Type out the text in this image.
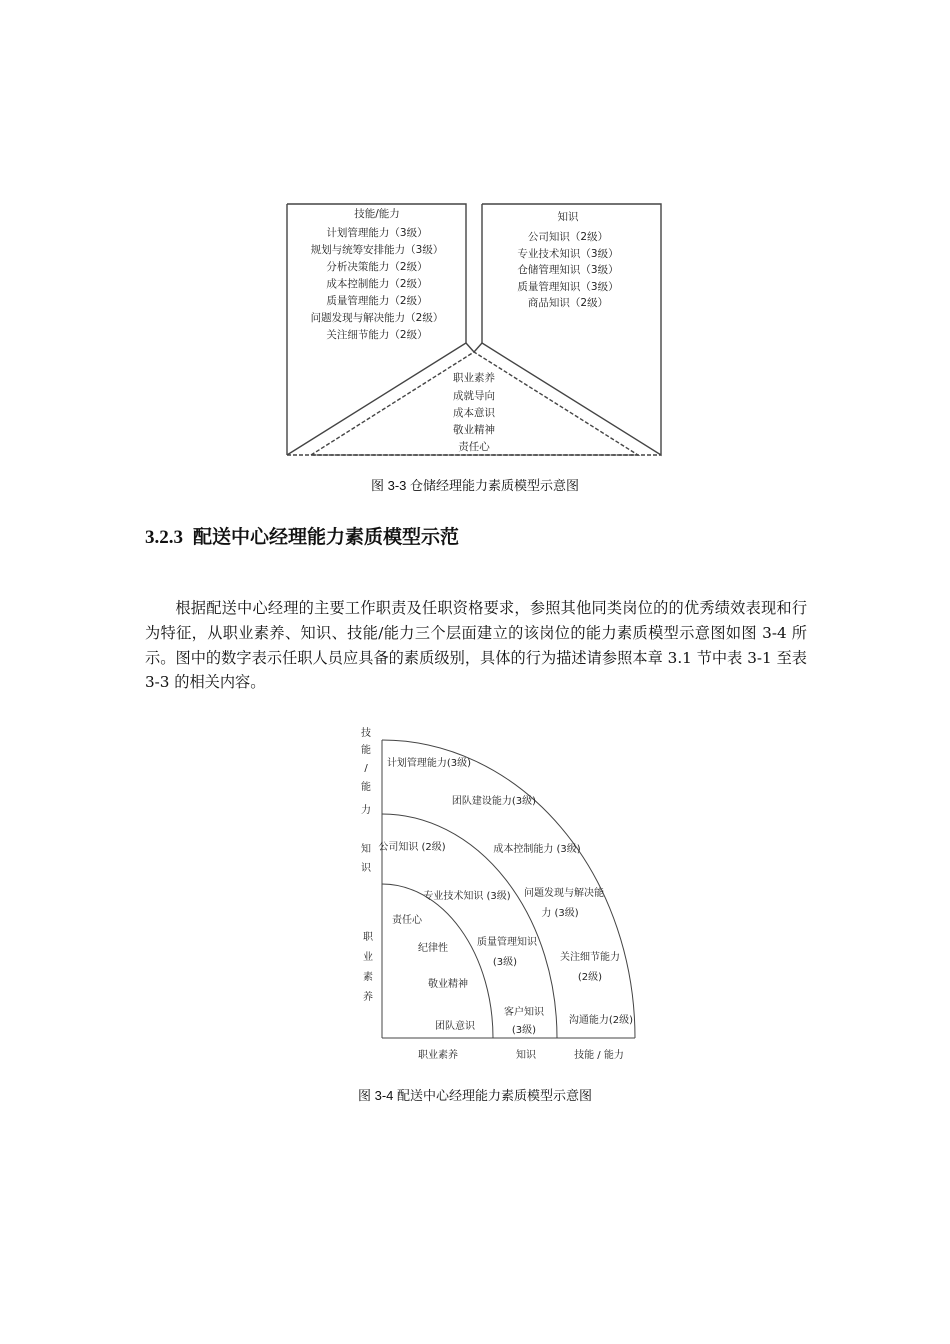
技能/能力
计划管理能力（3级）
规划与统筹安排能力（3级）
分析决策能力（2级）
成本控制能力（2级）
质量管理能力（2级）
问题发现与解决能力（2级）
关注细节能力（2级）
知识
公司知识（2级）
专业技术知识（3级）
仓储管理知识（3级）
质量管理知识（3级）
商品知识（2级）
职业素养
成就导向
成本意识
敬业精神
责任心
图 3-3 仓储经理能力素质模型示意图
3.2.3 配送中心经理能力素质模型示范
根据配送中心经理的主要工作职责及任职资格要求，参照其他同类岗位的的优秀绩效表现和行为特征，从职业素养、知识、技能/能力三个层面建立的该岗位的能力素质模型示意图如图 3-4 所示。图中的数字表示任职人员应具备的素质级别，具体的行为描述请参照本章 3.1 节中表 3-1 至表 3-3 的相关内容。
技
能
/
能
力
知
识
职
业
素
养
职业素养	知识	技能 / 能力
计划管理能力(3级)
团队建设能力(3级)
成本控制能力 (3级)
问题发现与解决能
力 (3级)
关注细节能力
(2级)
沟通能力(2级)
公司知识 (2级)
专业技术知识 (3级)
质量管理知识
(3级)
客户知识
(3级)
责任心
纪律性
敬业精神
团队意识
图 3-4 配送中心经理能力素质模型示意图
